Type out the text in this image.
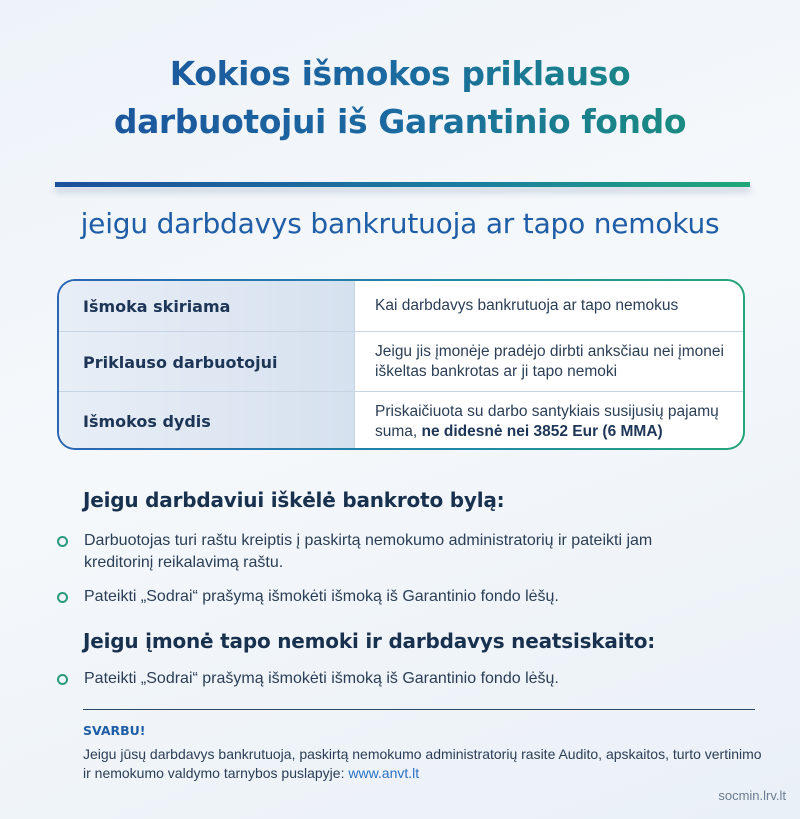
Kokios išmokos priklauso
darbuotojui iš Garantinio fondo
jeigu darbdavys bankrutuoja ar tapo nemokus
Išmoka skiriama	Kai darbdavys bankrutuoja ar tapo nemokus
Priklauso darbuotojui
Jeigu jis įmonėje pradėjo dirbti anksčiau nei įmonei iškeltas bankrotas ar ji tapo nemoki
Išmokos dydis
Priskaičiuota su darbo santykiais susijusių pajamų suma, ne didesnė nei 3852 Eur (6 MMA)
Jeigu darbdaviui iškėlė bankroto bylą:
Darbuotojas turi raštu kreiptis į paskirtą nemokumo administratorių ir pateikti jam kreditorinį reikalavimą raštu.
Pateikti „Sodrai“ prašymą išmokėti išmoką iš Garantinio fondo lėšų.
Jeigu įmonė tapo nemoki ir darbdavys neatsiskaito:
Pateikti „Sodrai“ prašymą išmokėti išmoką iš Garantinio fondo lėšų.
SVARBU!
Jeigu jūsų darbdavys bankrutuoja, paskirtą nemokumo administratorių rasite Audito, apskaitos, turto vertinimo ir nemokumo valdymo tarnybos puslapyje: www.anvt.lt
socmin.lrv.lt
